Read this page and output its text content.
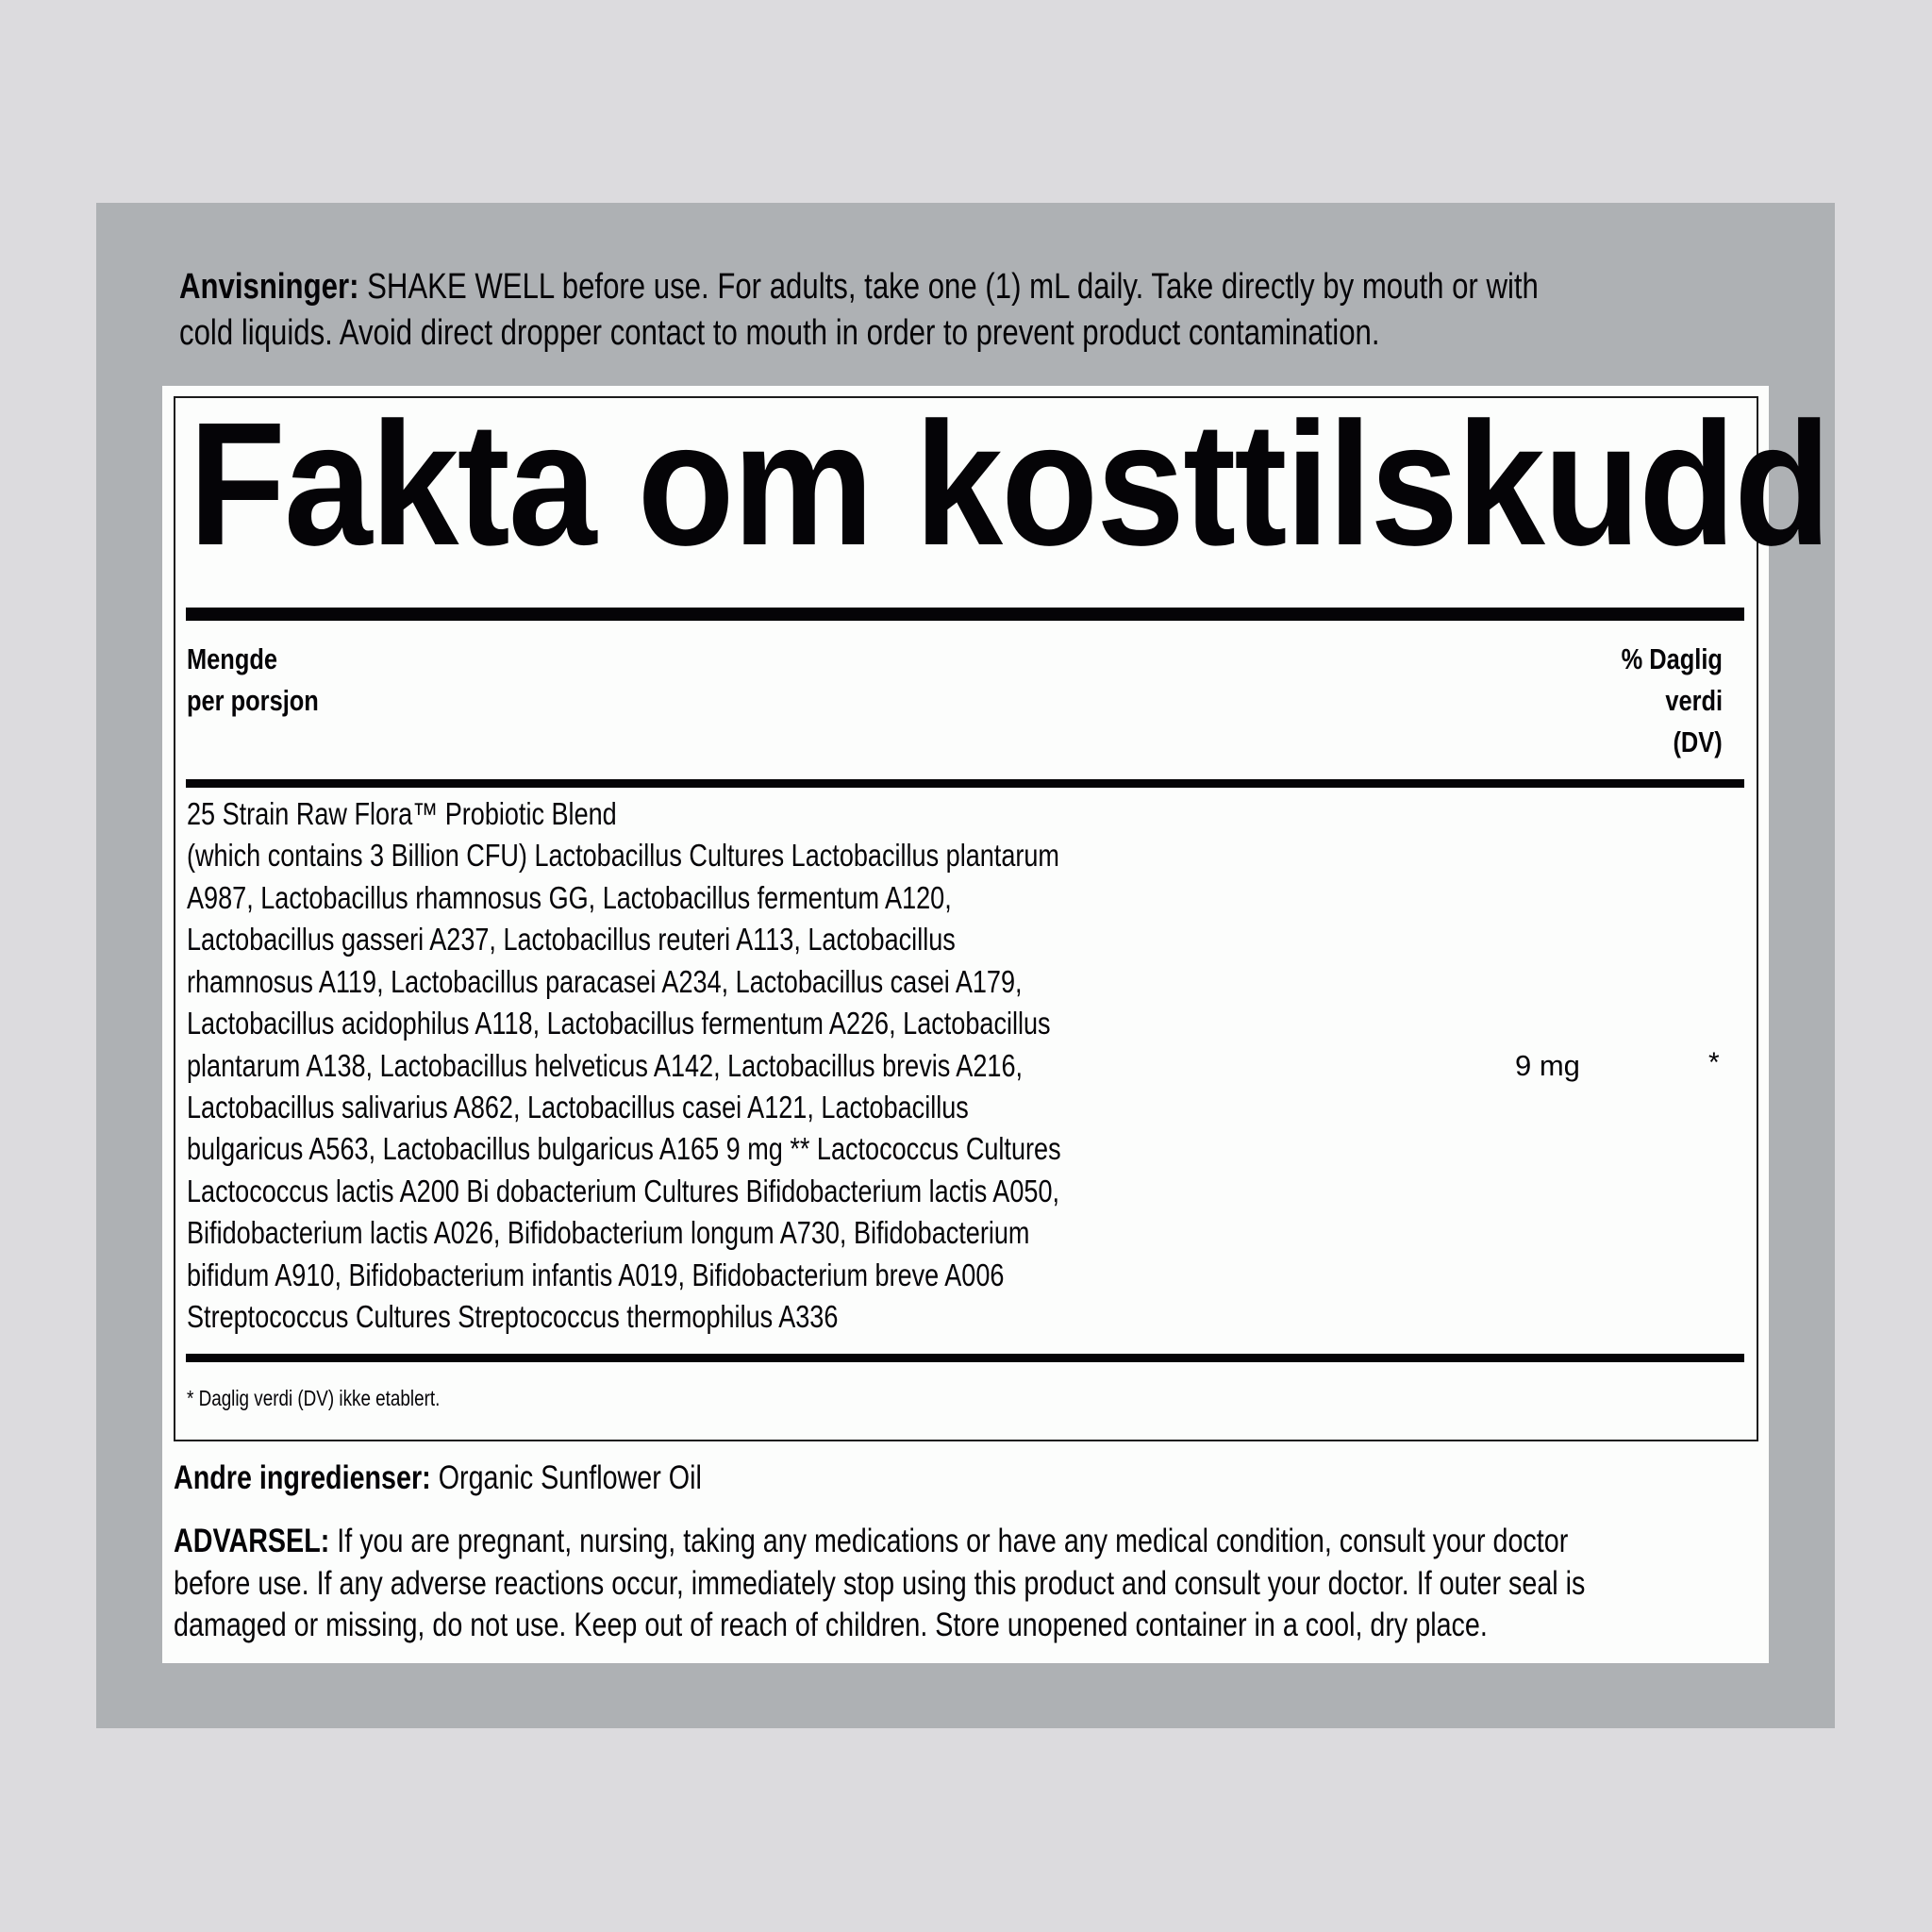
Anvisninger: SHAKE WELL before use. For adults, take one (1) mL daily. Take directly by mouth or with
cold liquids. Avoid direct dropper contact to mouth in order to prevent product contamination.
Fakta om kosttilskudd
Mengde
per porsjon
% Daglig
verdi
(DV)
25 Strain Raw Flora™ Probiotic Blend
(which contains 3 Billion CFU) Lactobacillus Cultures Lactobacillus plantarum
A987, Lactobacillus rhamnosus GG, Lactobacillus fermentum A120,
Lactobacillus gasseri A237, Lactobacillus reuteri A113, Lactobacillus
rhamnosus A119, Lactobacillus paracasei A234, Lactobacillus casei A179,
Lactobacillus acidophilus A118, Lactobacillus fermentum A226, Lactobacillus
plantarum A138, Lactobacillus helveticus A142, Lactobacillus brevis A216,
Lactobacillus salivarius A862, Lactobacillus casei A121, Lactobacillus
bulgaricus A563, Lactobacillus bulgaricus A165 9 mg ** Lactococcus Cultures
Lactococcus lactis A200 Bi dobacterium Cultures Bifidobacterium lactis A050,
Bifidobacterium lactis A026, Bifidobacterium longum A730, Bifidobacterium
bifidum A910, Bifidobacterium infantis A019, Bifidobacterium breve A006
Streptococcus Cultures Streptococcus thermophilus A336
9 mg	*
* Daglig verdi (DV) ikke etablert.
Andre ingredienser: Organic Sunflower Oil
ADVARSEL: If you are pregnant, nursing, taking any medications or have any medical condition, consult your doctor
before use. If any adverse reactions occur, immediately stop using this product and consult your doctor. If outer seal is
damaged or missing, do not use. Keep out of reach of children. Store unopened container in a cool, dry place.
